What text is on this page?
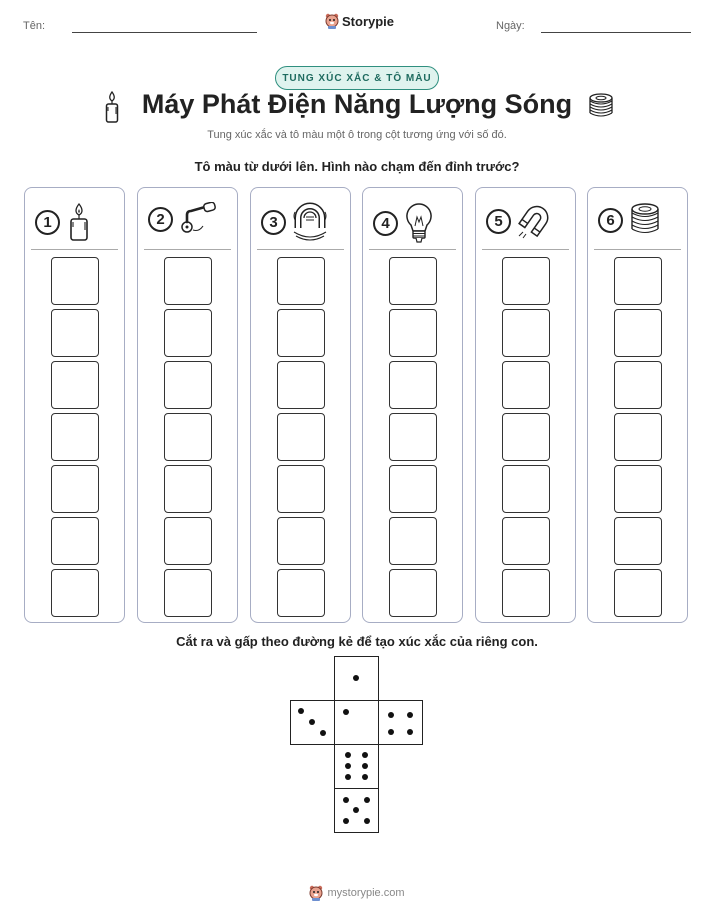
Tên:	Storypie	Ngày:
TUNG XÚC XẮC & TÔ MÀU
Máy Phát Điện Năng Lượng Sóng
Tung xúc xắc và tô màu một ô trong cột tương ứng với số đó.
Tô màu từ dưới lên. Hình nào chạm đến đỉnh trước?
1	2	3	4	5	6
Cắt ra và gấp theo đường kẻ để tạo xúc xắc của riêng con.
mystorypie.com
